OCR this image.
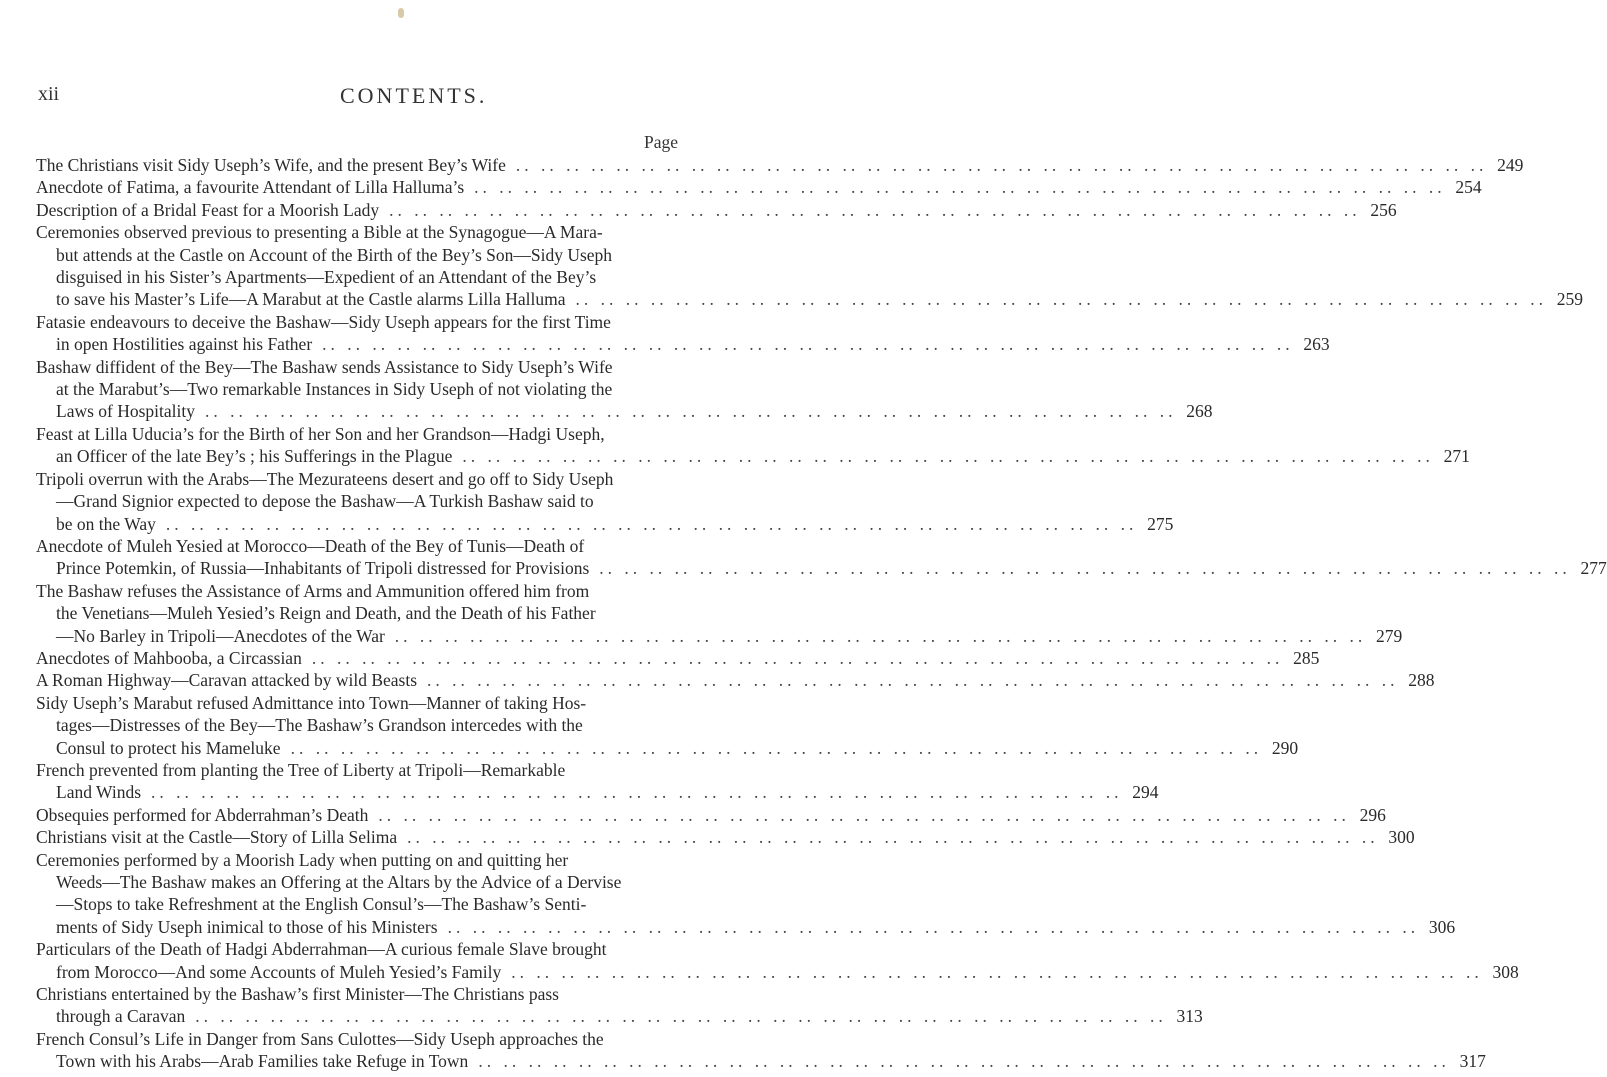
xii	CONTENTS.
Page
The Christians visit Sidy Useph’s Wife, and the present Bey’s Wife .. .. .. .. .. .. .. .. .. .. .. .. .. .. .. .. .. .. .. .. .. .. .. .. .. .. .. .. .. .. .. .. .. .. .. .. .. .. .. 249
Anecdote of Fatima, a favourite Attendant of Lilla Halluma’s .. .. .. .. .. .. .. .. .. .. .. .. .. .. .. .. .. .. .. .. .. .. .. .. .. .. .. .. .. .. .. .. .. .. .. .. .. .. .. 254
Description of a Bridal Feast for a Moorish Lady .. .. .. .. .. .. .. .. .. .. .. .. .. .. .. .. .. .. .. .. .. .. .. .. .. .. .. .. .. .. .. .. .. .. .. .. .. .. .. 256
Ceremonies observed previous to presenting a Bible at the Synagogue—A Mara-
but attends at the Castle on Account of the Birth of the Bey’s Son—Sidy Useph
disguised in his Sister’s Apartments—Expedient of an Attendant of the Bey’s
to save his Master’s Life—A Marabut at the Castle alarms Lilla Halluma .. .. .. .. .. .. .. .. .. .. .. .. .. .. .. .. .. .. .. .. .. .. .. .. .. .. .. .. .. .. .. .. .. .. .. .. .. .. .. 259
Fatasie endeavours to deceive the Bashaw—Sidy Useph appears for the first Time
in open Hostilities against his Father .. .. .. .. .. .. .. .. .. .. .. .. .. .. .. .. .. .. .. .. .. .. .. .. .. .. .. .. .. .. .. .. .. .. .. .. .. .. .. 263
Bashaw diffident of the Bey—The Bashaw sends Assistance to Sidy Useph’s Wife
at the Marabut’s—Two remarkable Instances in Sidy Useph of not violating the
Laws of Hospitality .. .. .. .. .. .. .. .. .. .. .. .. .. .. .. .. .. .. .. .. .. .. .. .. .. .. .. .. .. .. .. .. .. .. .. .. .. .. .. 268
Feast at Lilla Uducia’s for the Birth of her Son and her Grandson—Hadgi Useph,
an Officer of the late Bey’s ; his Sufferings in the Plague .. .. .. .. .. .. .. .. .. .. .. .. .. .. .. .. .. .. .. .. .. .. .. .. .. .. .. .. .. .. .. .. .. .. .. .. .. .. .. 271
Tripoli overrun with the Arabs—The Mezurateens desert and go off to Sidy Useph
—Grand Signior expected to depose the Bashaw—A Turkish Bashaw said to
be on the Way .. .. .. .. .. .. .. .. .. .. .. .. .. .. .. .. .. .. .. .. .. .. .. .. .. .. .. .. .. .. .. .. .. .. .. .. .. .. .. 275
Anecdote of Muleh Yesied at Morocco—Death of the Bey of Tunis—Death of
Prince Potemkin, of Russia—Inhabitants of Tripoli distressed for Provisions .. .. .. .. .. .. .. .. .. .. .. .. .. .. .. .. .. .. .. .. .. .. .. .. .. .. .. .. .. .. .. .. .. .. .. .. .. .. .. 277
The Bashaw refuses the Assistance of Arms and Ammunition offered him from
the Venetians—Muleh Yesied’s Reign and Death, and the Death of his Father
—No Barley in Tripoli—Anecdotes of the War .. .. .. .. .. .. .. .. .. .. .. .. .. .. .. .. .. .. .. .. .. .. .. .. .. .. .. .. .. .. .. .. .. .. .. .. .. .. .. 279
Anecdotes of Mahbooba, a Circassian .. .. .. .. .. .. .. .. .. .. .. .. .. .. .. .. .. .. .. .. .. .. .. .. .. .. .. .. .. .. .. .. .. .. .. .. .. .. .. 285
A Roman Highway—Caravan attacked by wild Beasts .. .. .. .. .. .. .. .. .. .. .. .. .. .. .. .. .. .. .. .. .. .. .. .. .. .. .. .. .. .. .. .. .. .. .. .. .. .. .. 288
Sidy Useph’s Marabut refused Admittance into Town—Manner of taking Hos-
tages—Distresses of the Bey—The Bashaw’s Grandson intercedes with the
Consul to protect his Mameluke .. .. .. .. .. .. .. .. .. .. .. .. .. .. .. .. .. .. .. .. .. .. .. .. .. .. .. .. .. .. .. .. .. .. .. .. .. .. .. 290
French prevented from planting the Tree of Liberty at Tripoli—Remarkable
Land Winds .. .. .. .. .. .. .. .. .. .. .. .. .. .. .. .. .. .. .. .. .. .. .. .. .. .. .. .. .. .. .. .. .. .. .. .. .. .. .. 294
Obsequies performed for Abderrahman’s Death .. .. .. .. .. .. .. .. .. .. .. .. .. .. .. .. .. .. .. .. .. .. .. .. .. .. .. .. .. .. .. .. .. .. .. .. .. .. .. 296
Christians visit at the Castle—Story of Lilla Selima .. .. .. .. .. .. .. .. .. .. .. .. .. .. .. .. .. .. .. .. .. .. .. .. .. .. .. .. .. .. .. .. .. .. .. .. .. .. .. 300
Ceremonies performed by a Moorish Lady when putting on and quitting her
Weeds—The Bashaw makes an Offering at the Altars by the Advice of a Dervise
—Stops to take Refreshment at the English Consul’s—The Bashaw’s Senti-
ments of Sidy Useph inimical to those of his Ministers .. .. .. .. .. .. .. .. .. .. .. .. .. .. .. .. .. .. .. .. .. .. .. .. .. .. .. .. .. .. .. .. .. .. .. .. .. .. .. 306
Particulars of the Death of Hadgi Abderrahman—A curious female Slave brought
from Morocco—And some Accounts of Muleh Yesied’s Family .. .. .. .. .. .. .. .. .. .. .. .. .. .. .. .. .. .. .. .. .. .. .. .. .. .. .. .. .. .. .. .. .. .. .. .. .. .. .. 308
Christians entertained by the Bashaw’s first Minister—The Christians pass
through a Caravan .. .. .. .. .. .. .. .. .. .. .. .. .. .. .. .. .. .. .. .. .. .. .. .. .. .. .. .. .. .. .. .. .. .. .. .. .. .. .. 313
French Consul’s Life in Danger from Sans Culottes—Sidy Useph approaches the
Town with his Arabs—Arab Families take Refuge in Town .. .. .. .. .. .. .. .. .. .. .. .. .. .. .. .. .. .. .. .. .. .. .. .. .. .. .. .. .. .. .. .. .. .. .. .. .. .. .. 317
